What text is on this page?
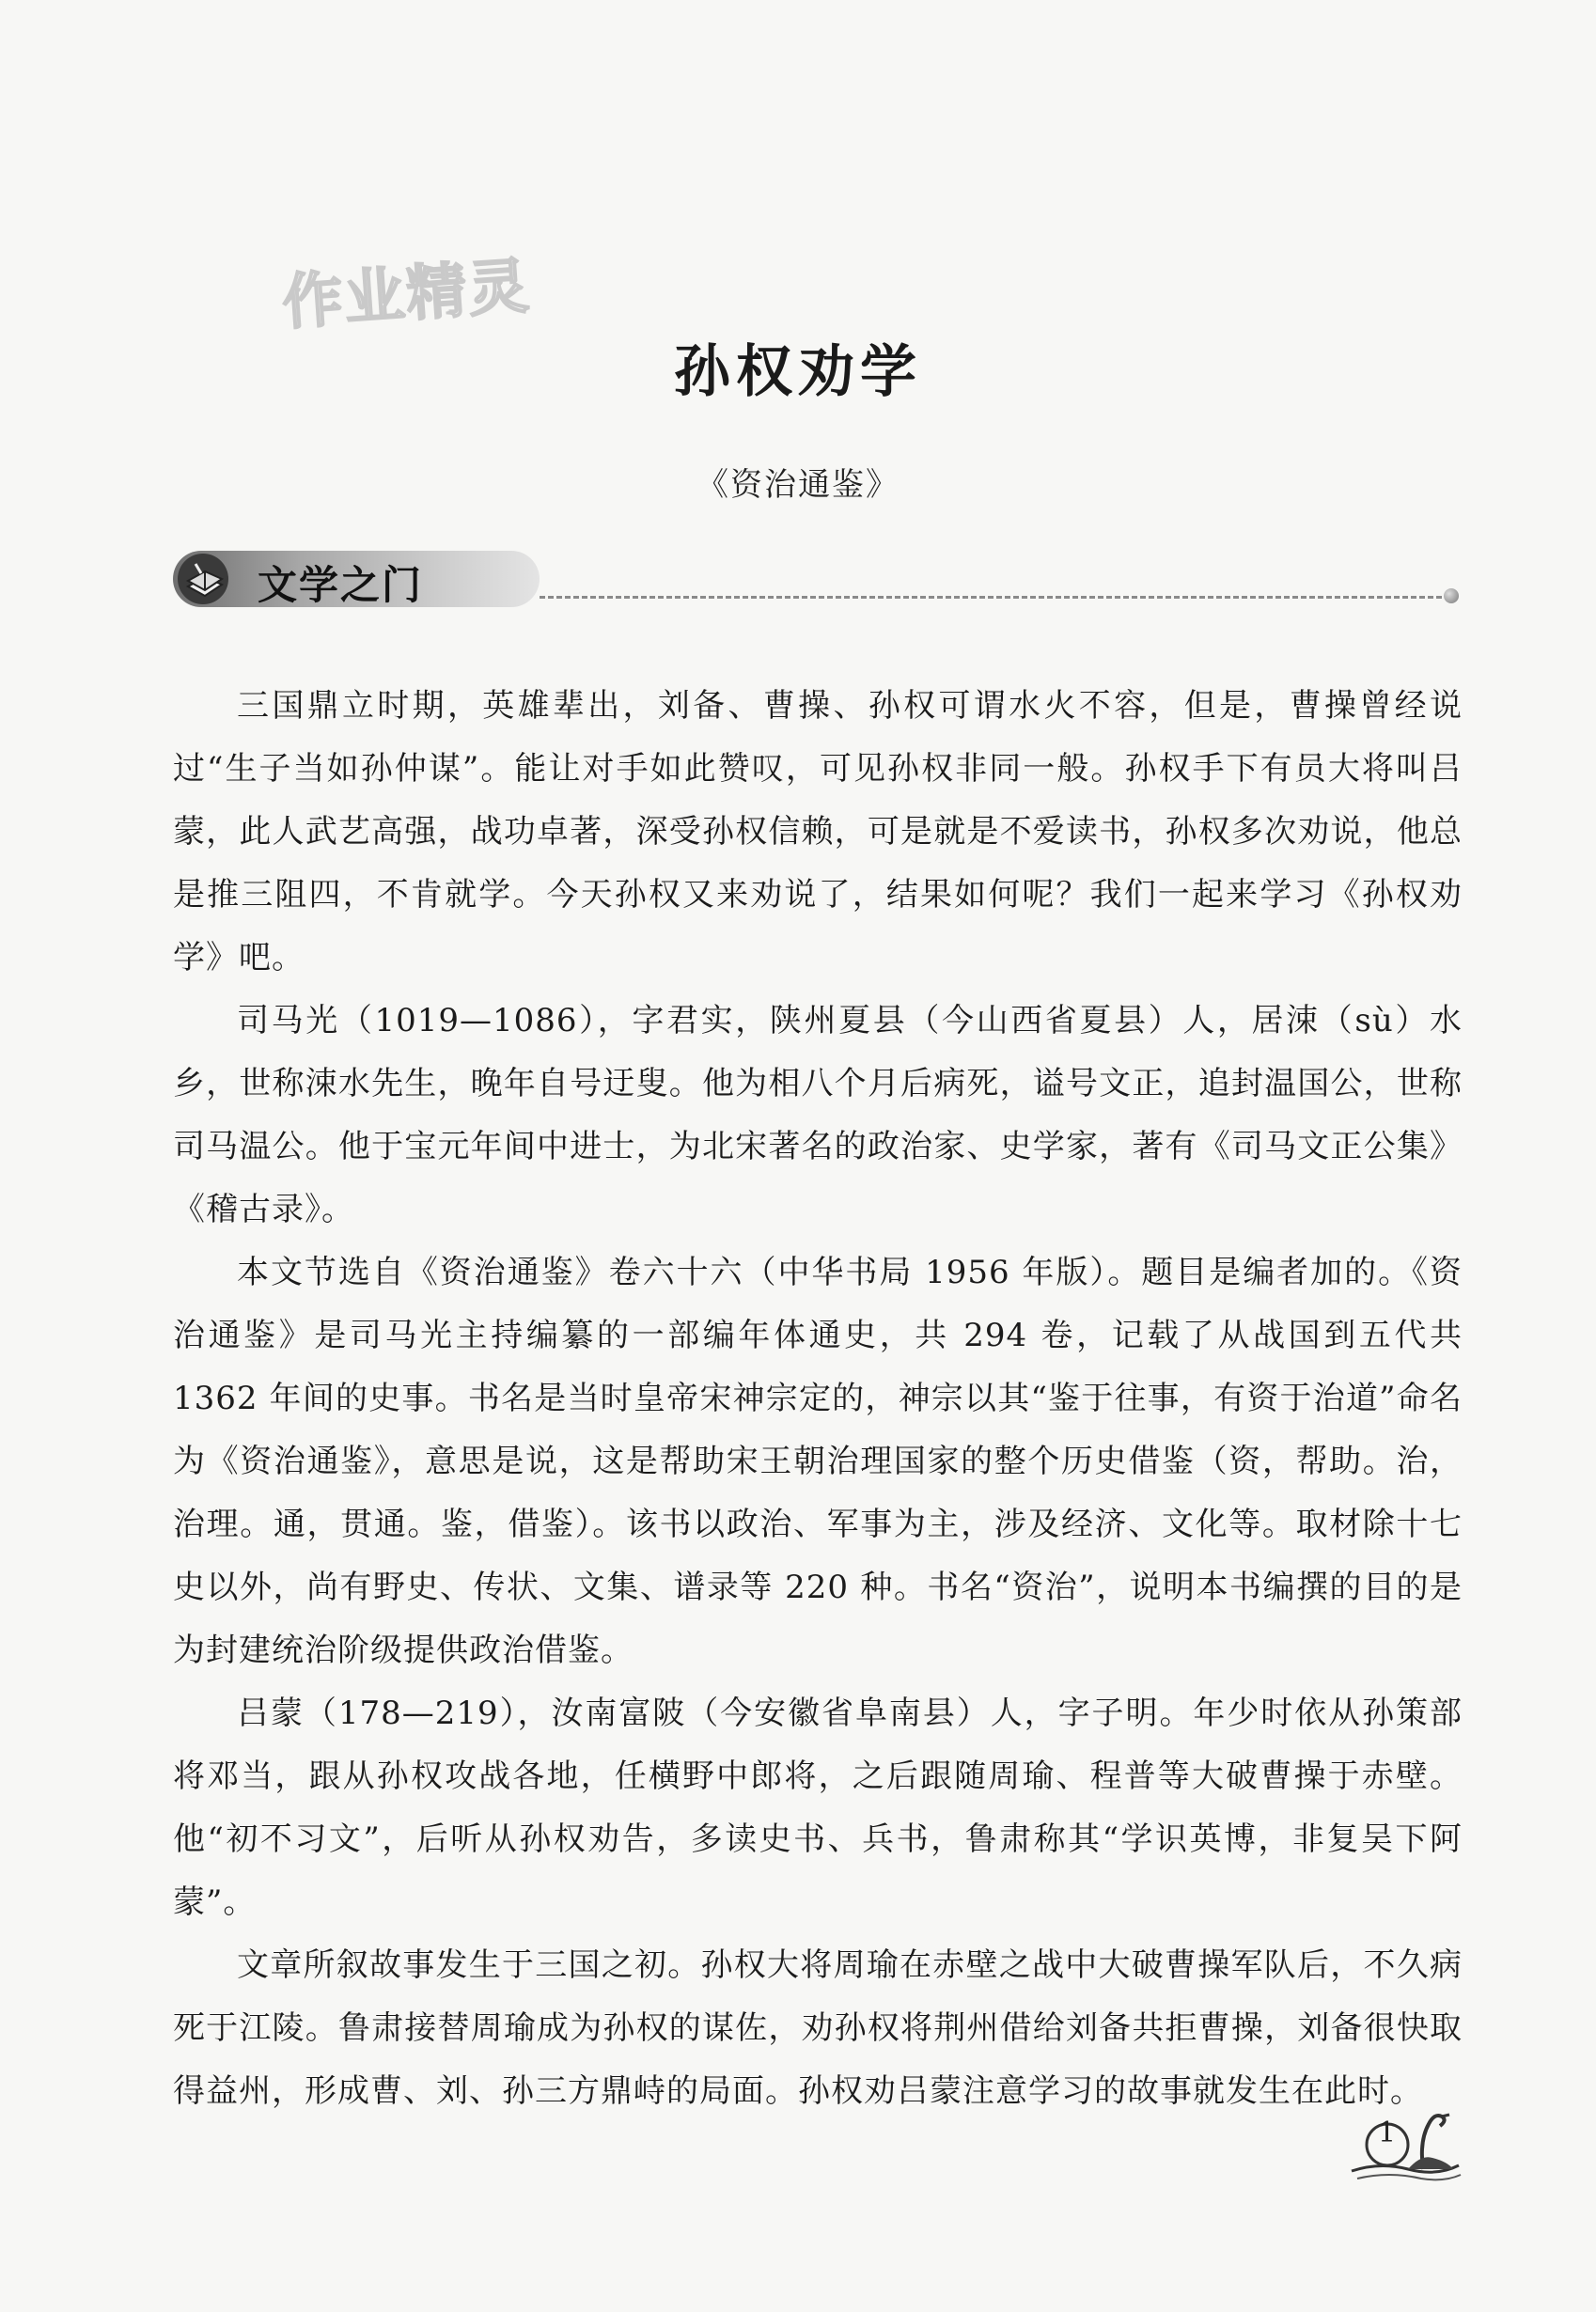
作业精灵
孙权劝学
《资治通鉴》
文学之门

三国鼎立时期，英雄辈出，刘备、曹操、孙权可谓水火不容，但是，曹操曾经说过“生子当如孙仲谋”。能让对手如此赞叹，可见孙权非同一般。孙权手下有员大将叫吕蒙，此人武艺高强，战功卓著，深受孙权信赖，可是就是不爱读书，孙权多次劝说，他总是推三阻四，不肯就学。今天孙权又来劝说了，结果如何呢？我们一起来学习《孙权劝学》吧。

司马光（1019—1086），字君实，陕州夏县（今山西省夏县）人，居涑（sù）水乡，世称涑水先生，晚年自号迂叟。他为相八个月后病死，谥号文正，追封温国公，世称司马温公。他于宝元年间中进士，为北宋著名的政治家、史学家，著有《司马文正公集》《稽古录》。

本文节选自《资治通鉴》卷六十六（中华书局 1956 年版）。题目是编者加的。《资治通鉴》是司马光主持编纂的一部编年体通史，共 294 卷，记载了从战国到五代共 1362 年间的史事。书名是当时皇帝宋神宗定的，神宗以其“鉴于往事，有资于治道”命名为《资治通鉴》，意思是说，这是帮助宋王朝治理国家的整个历史借鉴（资，帮助。治，治理。通，贯通。鉴，借鉴）。该书以政治、军事为主，涉及经济、文化等。取材除十七史以外，尚有野史、传状、文集、谱录等 220 种。书名“资治”，说明本书编撰的目的是为封建统治阶级提供政治借鉴。

吕蒙（178—219），汝南富陂（今安徽省阜南县）人，字子明。年少时依从孙策部将邓当，跟从孙权攻战各地，任横野中郎将，之后跟随周瑜、程普等大破曹操于赤壁。他“初不习文”，后听从孙权劝告，多读史书、兵书，鲁肃称其“学识英博，非复吴下阿蒙”。

文章所叙故事发生于三国之初。孙权大将周瑜在赤壁之战中大破曹操军队后，不久病死于江陵。鲁肃接替周瑜成为孙权的谋佐，劝孙权将荆州借给刘备共拒曹操，刘备很快取得益州，形成曹、刘、孙三方鼎峙的局面。孙权劝吕蒙注意学习的故事就发生在此时。

1
